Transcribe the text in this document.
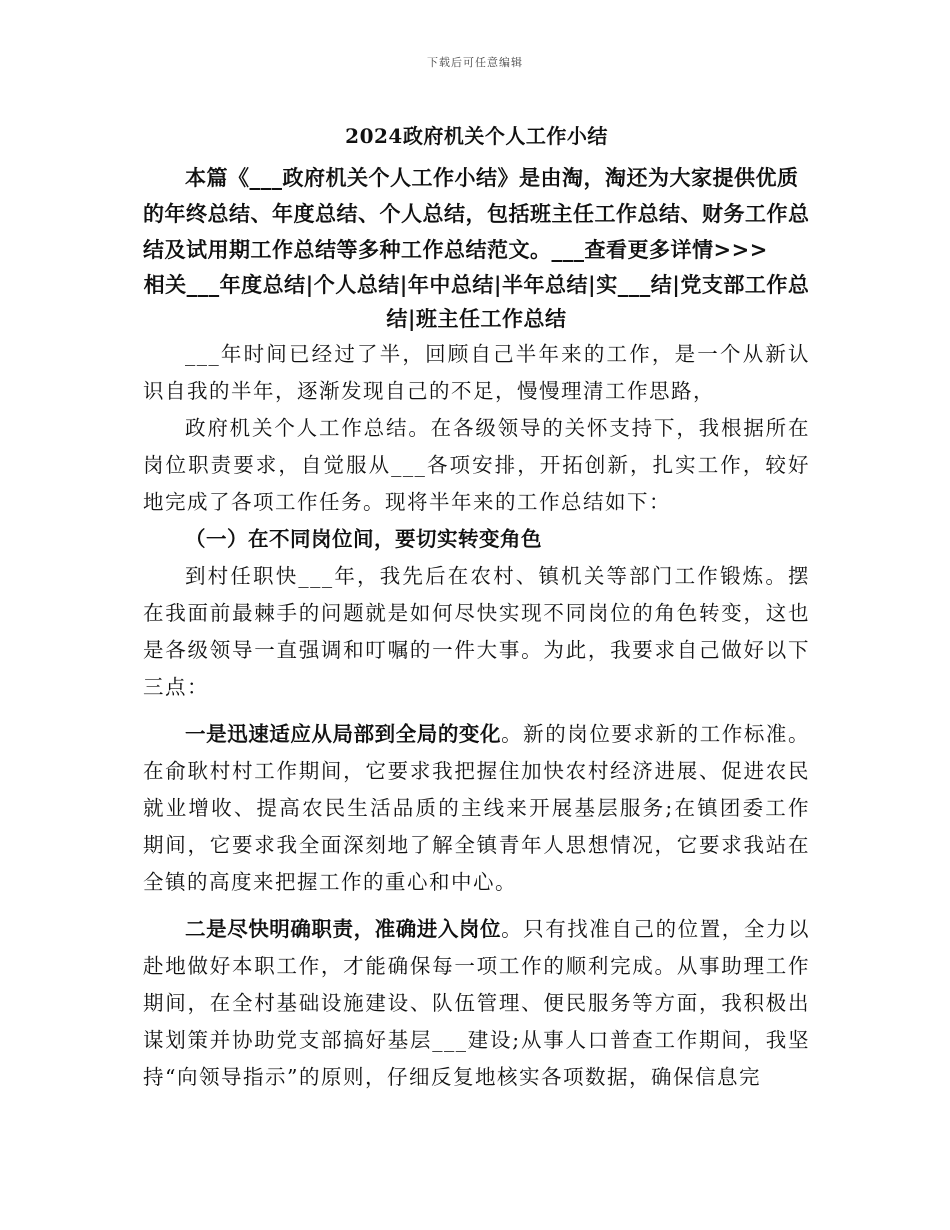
下载后可任意编辑
2024政府机关个人工作小结

本篇《___政府机关个人工作小结》是由淘，淘还为大家提供优质的年终总结、年度总结、个人总结，包括班主任工作总结、财务工作总结及试用期工作总结等多种工作总结范文。___查看更多详情>>>

相关___年度总结|个人总结|年中总结|半年总结|实___结|党支部工作总结|班主任工作总结

___年时间已经过了半，回顾自己半年来的工作，是一个从新认识自我的半年，逐渐发现自己的不足，慢慢理清工作思路，

政府机关个人工作总结。在各级领导的关怀支持下，我根据所在岗位职责要求，自觉服从___各项安排，开拓创新，扎实工作，较好地完成了各项工作任务。现将半年来的工作总结如下：

（一）在不同岗位间，要切实转变角色

到村任职快___年，我先后在农村、镇机关等部门工作锻炼。摆在我面前最棘手的问题就是如何尽快实现不同岗位的角色转变，这也是各级领导一直强调和叮嘱的一件大事。为此，我要求自己做好以下三点：

一是迅速适应从局部到全局的变化。新的岗位要求新的工作标准。在俞耿村村工作期间，它要求我把握住加快农村经济进展、促进农民就业增收、提高农民生活品质的主线来开展基层服务;在镇团委工作期间，它要求我全面深刻地了解全镇青年人思想情况，它要求我站在全镇的高度来把握工作的重心和中心。

二是尽快明确职责，准确进入岗位。只有找准自己的位置，全力以赴地做好本职工作，才能确保每一项工作的顺利完成。从事助理工作期间，在全村基础设施建设、队伍管理、便民服务等方面，我积极出谋划策并协助党支部搞好基层___建设;从事人口普查工作期间，我坚持“向领导指示”的原则，仔细反复地核实各项数据，确保信息完
